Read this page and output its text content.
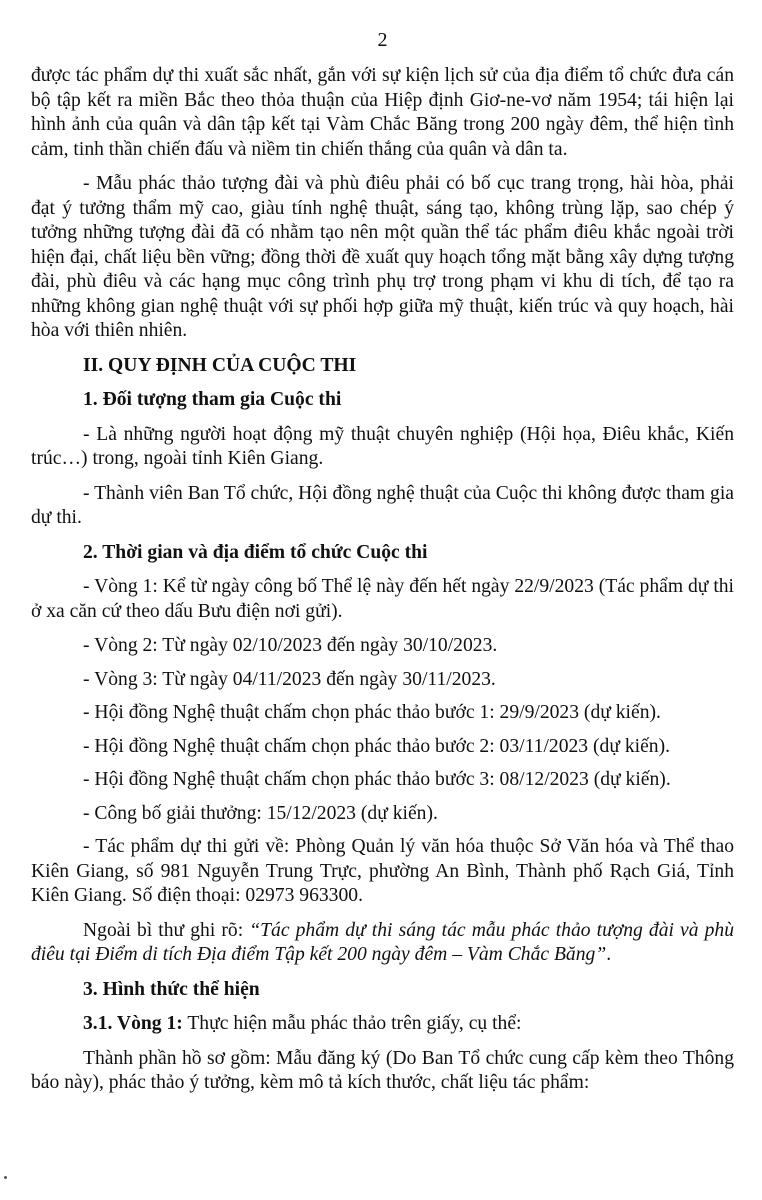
2

được tác phẩm dự thi xuất sắc nhất, gắn với sự kiện lịch sử của địa điểm tổ chức đưa cán bộ tập kết ra miền Bắc theo thỏa thuận của Hiệp định Giơ-ne-vơ năm 1954; tái hiện lại hình ảnh của quân và dân tập kết tại Vàm Chắc Băng trong 200 ngày đêm, thể hiện tình cảm, tinh thần chiến đấu và niềm tin chiến thắng của quân và dân ta.

- Mẫu phác thảo tượng đài và phù điêu phải có bố cục trang trọng, hài hòa, phải đạt ý tưởng thẩm mỹ cao, giàu tính nghệ thuật, sáng tạo, không trùng lặp, sao chép ý tưởng những tượng đài đã có nhằm tạo nên một quần thể tác phẩm điêu khắc ngoài trời hiện đại, chất liệu bền vững; đồng thời đề xuất quy hoạch tổng mặt bằng xây dựng tượng đài, phù điêu và các hạng mục công trình phụ trợ trong phạm vi khu di tích, để tạo ra những không gian nghệ thuật với sự phối hợp giữa mỹ thuật, kiến trúc và quy hoạch, hài hòa với thiên nhiên.

II. QUY ĐỊNH CỦA CUỘC THI
1. Đối tượng tham gia Cuộc thi

- Là những người hoạt động mỹ thuật chuyên nghiệp (Hội họa, Điêu khắc, Kiến trúc…) trong, ngoài tỉnh Kiên Giang.

- Thành viên Ban Tổ chức, Hội đồng nghệ thuật của Cuộc thi không được tham gia dự thi.

2. Thời gian và địa điểm tổ chức Cuộc thi

- Vòng 1: Kể từ ngày công bố Thể lệ này đến hết ngày 22/9/2023 (Tác phẩm dự thi ở xa căn cứ theo dấu Bưu điện nơi gửi).

- Vòng 2: Từ ngày 02/10/2023 đến ngày 30/10/2023.

- Vòng 3: Từ ngày 04/11/2023 đến ngày 30/11/2023.

- Hội đồng Nghệ thuật chấm chọn phác thảo bước 1: 29/9/2023 (dự kiến).

- Hội đồng Nghệ thuật chấm chọn phác thảo bước 2: 03/11/2023 (dự kiến).

- Hội đồng Nghệ thuật chấm chọn phác thảo bước 3: 08/12/2023 (dự kiến).

- Công bố giải thưởng: 15/12/2023 (dự kiến).

- Tác phẩm dự thi gửi về: Phòng Quản lý văn hóa thuộc Sở Văn hóa và Thể thao Kiên Giang, số 981 Nguyễn Trung Trực, phường An Bình, Thành phố Rạch Giá, Tỉnh Kiên Giang. Số điện thoại: 02973 963300.

Ngoài bì thư ghi rõ: “Tác phẩm dự thi sáng tác mẫu phác thảo tượng đài và phù điêu tại Điểm di tích Địa điểm Tập kết 200 ngày đêm – Vàm Chắc Băng”.

3. Hình thức thể hiện
3.1. Vòng 1: Thực hiện mẫu phác thảo trên giấy, cụ thể:

Thành phần hồ sơ gồm: Mẫu đăng ký (Do Ban Tổ chức cung cấp kèm theo Thông báo này), phác thảo ý tưởng, kèm mô tả kích thước, chất liệu tác phẩm:
